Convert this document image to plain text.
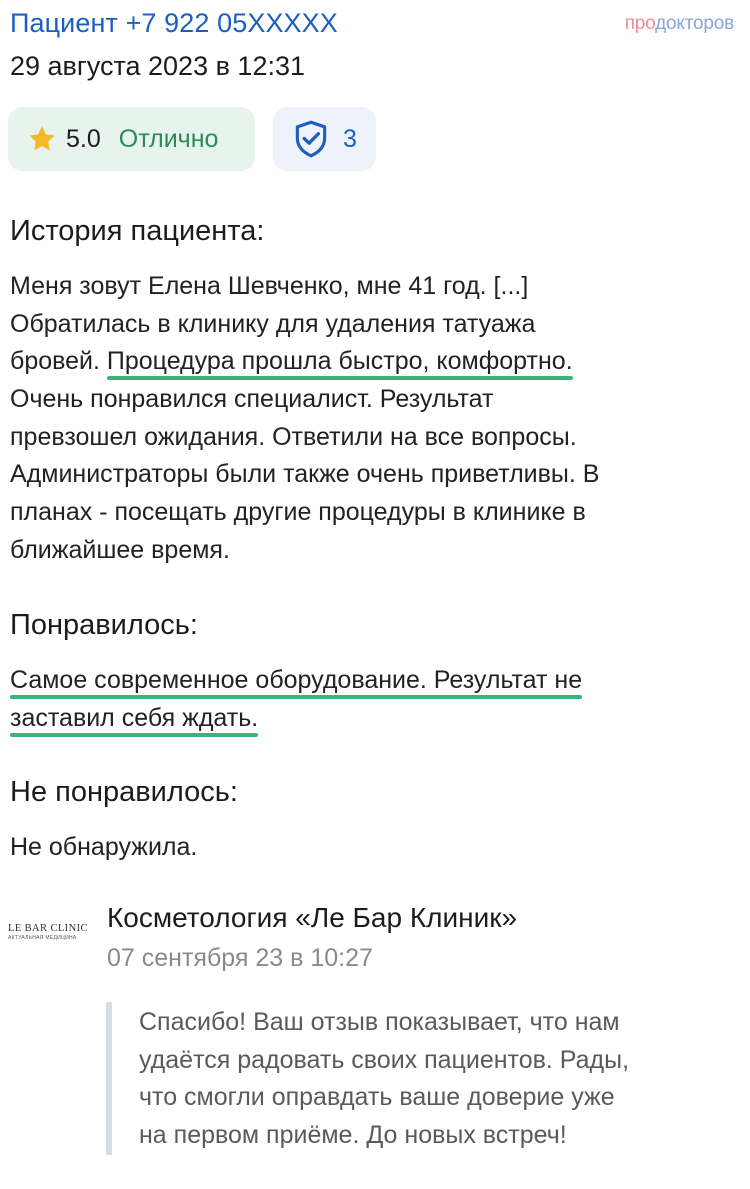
Пациент +7 922 05XXXXX	продокторов
29 августа 2023 в 12:31
5.0 Отлично	3
История пациента:
Меня зовут Елена Шевченко, мне 41 год. [...]
Обратилась в клинику для удаления татуажа
бровей. Процедура прошла быстро, комфортно.
Очень понравился специалист. Результат
превзошел ожидания. Ответили на все вопросы.
Администраторы были также очень приветливы. В
планах - посещать другие процедуры в клинике в
ближайшее время.
Понравилось:
Самое современное оборудование. Результат не
заставил себя ждать.
Не понравилось:
Не обнаружила.
LE BAR CLINIC
АКТУАЛЬНАЯ МЕДИЦИНА
Косметология «Ле Бар Клиник»
07 сентября 23 в 10:27
Спасибо! Ваш отзыв показывает, что нам
удаётся радовать своих пациентов. Рады,
что смогли оправдать ваше доверие уже
на первом приёме. До новых встреч!
